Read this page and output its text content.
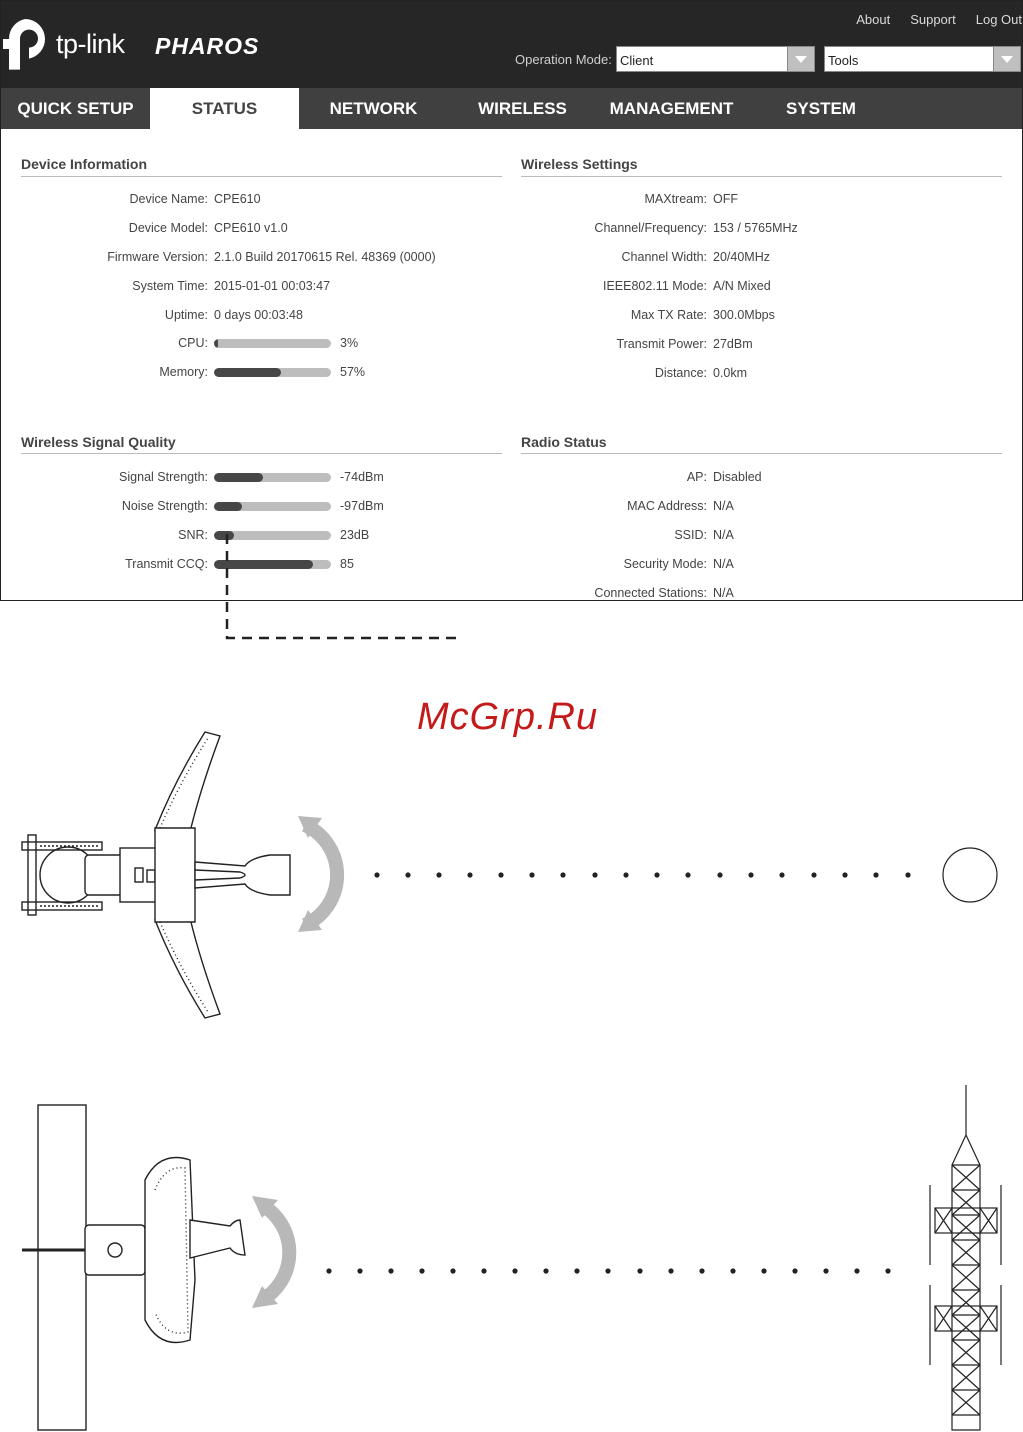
tp-link PHAROS
About Support Log Out
Operation Mode: Client	Tools
QUICK SETUP	STATUS	NETWORK	WIRELESS	MANAGEMENT	SYSTEM
Device Information
Device Name: CPE610
Device Model: CPE610 v1.0
Firmware Version: 2.1.0 Build 20170615 Rel. 48369 (0000)
System Time: 2015-01-01 00:03:47
Uptime: 0 days 00:03:48
CPU:	3%
Memory:	57%
Wireless Settings
MAXtream: OFF
Channel/Frequency: 153 / 5765MHz
Channel Width: 20/40MHz
IEEE802.11 Mode: A/N Mixed
Max TX Rate: 300.0Mbps
Transmit Power: 27dBm
Distance: 0.0km
Wireless Signal Quality
Signal Strength:	-74dBm
Noise Strength:	-97dBm
SNR:	23dB
Transmit CCQ:	85
Radio Status
AP: Disabled
MAC Address: N/A
SSID: N/A
Security Mode: N/A
Connected Stations: N/A
McGrp.Ru
